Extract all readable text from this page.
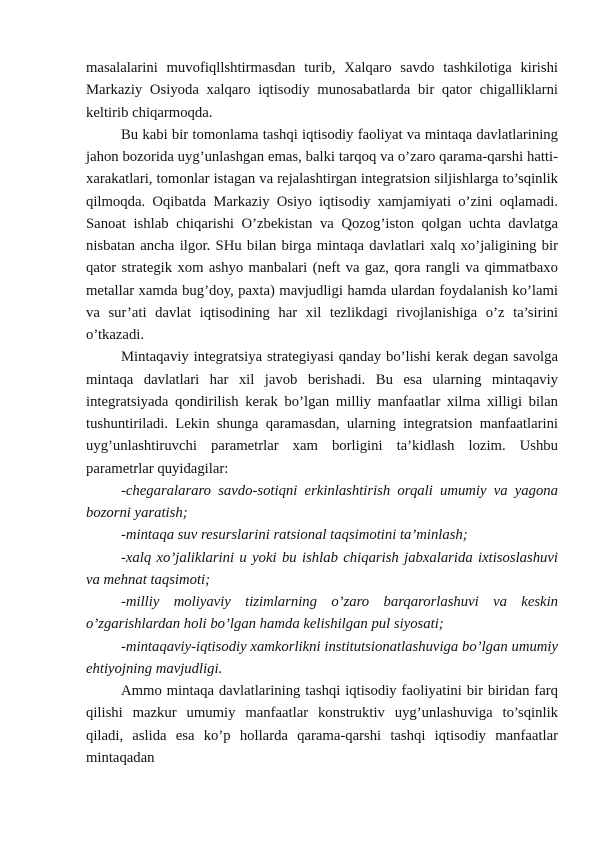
masalalarini muvofiqllshtirmasdan turib, Xalqaro savdo tashkilotiga kirishi Markaziy Osiyoda xalqaro iqtisodiy munosabatlarda bir qator chigalliklarni keltirib chiqarmoqda.

Bu kabi bir tomonlama tashqi iqtisodiy faoliyat va mintaqa davlatlarining jahon bozorida uyg’unlashgan emas, balki tarqoq va o’zaro qarama-qarshi hatti-xarakatlari, tomonlar istagan va rejalashtirgan integratsion siljishlarga to’sqinlik qilmoqda. Oqibatda Markaziy Osiyo iqtisodiy xamjamiyati o’zini oqlamadi. Sanoat ishlab chiqarishi O’zbekistan va Qozog’iston qolgan uchta davlatga nisbatan ancha ilgor. SHu bilan birga mintaqa davlatlari xalq xo’jaligining bir qator strategik xom ashyo manbalari (neft va gaz, qora rangli va qimmatbaxo metallar xamda bug’doy, paxta) mavjudligi hamda ulardan foydalanish ko’lami va sur’ati davlat iqtisodining har xil tezlikdagi rivojlanishiga o’z ta’sirini o’tkazadi.

Mintaqaviy integratsiya strategiyasi qanday bo’lishi kerak degan savolga mintaqa davlatlari har xil javob berishadi. Bu esa ularning mintaqaviy integratsiyada qondirilish kerak bo’lgan milliy manfaatlar xilma xilligi bilan tushuntiriladi. Lekin shunga qaramasdan, ularning integratsion manfaatlarini uyg’unlashtiruvchi parametrlar xam borligini ta’kidlash lozim. Ushbu parametrlar quyidagilar:

-chegaralararo savdo-sotiqni erkinlashtirish orqali umumiy va yagona bozorni yaratish;

-mintaqa suv resurslarini ratsional taqsimotini ta’minlash;

-xalq xo’jaliklarini u yoki bu ishlab chiqarish jabxalarida ixtisoslashuvi va mehnat taqsimoti;

-milliy moliyaviy tizimlarning o’zaro barqarorlashuvi va keskin o’zgarishlardan holi bo’lgan hamda kelishilgan pul siyosati;

-mintaqaviy-iqtisodiy xamkorlikni institutsionatlashuviga bo’lgan umumiy ehtiyojning mavjudligi.

Ammo mintaqa davlatlarining tashqi iqtisodiy faoliyatini bir biridan farq qilishi mazkur umumiy manfaatlar konstruktiv uyg’unlashuviga to’sqinlik qiladi, aslida esa ko’p hollarda qarama-qarshi tashqi iqtisodiy manfaatlar mintaqadan
